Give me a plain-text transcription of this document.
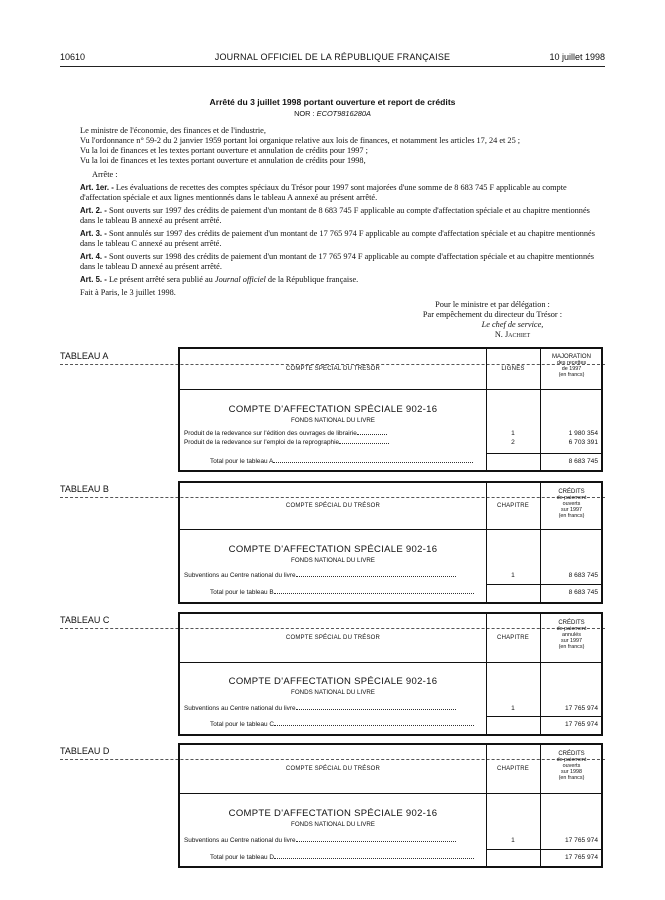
10610	JOURNAL OFFICIEL DE LA RÉPUBLIQUE FRANÇAISE	10 juillet 1998
Arrêté du 3 juillet 1998 portant ouverture et report de crédits
NOR : ECOT9816280A

Le ministre de l'économie, des finances et de l'industrie,

Vu l'ordonnance n° 59-2 du 2 janvier 1959 portant loi organique relative aux lois de finances, et notamment les articles 17, 24 et 25 ;

Vu la loi de finances et les textes portant ouverture et annulation de crédits pour 1997 ;

Vu la loi de finances et les textes portant ouverture et annulation de crédits pour 1998,

Arrête :

Art. 1er. - Les évaluations de recettes des comptes spéciaux du Trésor pour 1997 sont majorées d'une somme de 8 683 745 F applicable au compte d'affectation spéciale et aux lignes mentionnés dans le tableau A annexé au présent arrêté.

Art. 2. - Sont ouverts sur 1997 des crédits de paiement d'un montant de 8 683 745 F applicable au compte d'affectation spéciale et au chapitre mentionnés dans le tableau B annexé au présent arrêté.

Art. 3. - Sont annulés sur 1997 des crédits de paiement d'un montant de 17 765 974 F applicable au compte d'affectation spéciale et au chapitre mentionnés dans le tableau C annexé au présent arrêté.

Art. 4. - Sont ouverts sur 1998 des crédits de paiement d'un montant de 17 765 974 F applicable au compte d'affectation spéciale et au chapitre mentionnés dans le tableau D annexé au présent arrêté.

Art. 5. - Le présent arrêté sera publié au Journal officiel de la République française.

Fait à Paris, le 3 juillet 1998.

Pour le ministre et par délégation :

Par empêchement du directeur du Trésor :

Le chef de service,

N. Jachiet

TABLEAU A
COMPTE SPÉCIAL DU TRÉSOR	LIGNES
MAJORATION
des recettes
de 1997
(en francs)
COMPTE D'AFFECTATION SPÉCIALE 902-16
FONDS NATIONAL DU LIVRE
Produit de la redevance sur l'édition des ouvrages de librairie	1	1 980 354
Produit de la redevance sur l'emploi de la reprographie	2	6 703 391
Total pour le tableau A	8 683 745
TABLEAU B
COMPTE SPÉCIAL DU TRÉSOR	CHAPITRE
CRÉDITS
de paiement
ouverts
sur 1997
(en francs)
COMPTE D'AFFECTATION SPÉCIALE 902-16
FONDS NATIONAL DU LIVRE
Subventions au Centre national du livre	1	8 683 745
Total pour le tableau B	8 683 745
TABLEAU C
COMPTE SPÉCIAL DU TRÉSOR	CHAPITRE
CRÉDITS
de paiement
annulés
sur 1997
(en francs)
COMPTE D'AFFECTATION SPÉCIALE 902-16
FONDS NATIONAL DU LIVRE
Subventions au Centre national du livre	1	17 765 974
Total pour le tableau C	17 765 974
TABLEAU D
COMPTE SPÉCIAL DU TRÉSOR	CHAPITRE
CRÉDITS
de paiement
ouverts
sur 1998
(en francs)
COMPTE D'AFFECTATION SPÉCIALE 902-16
FONDS NATIONAL DU LIVRE
Subventions au Centre national du livre	1	17 765 974
Total pour le tableau D	17 765 974
